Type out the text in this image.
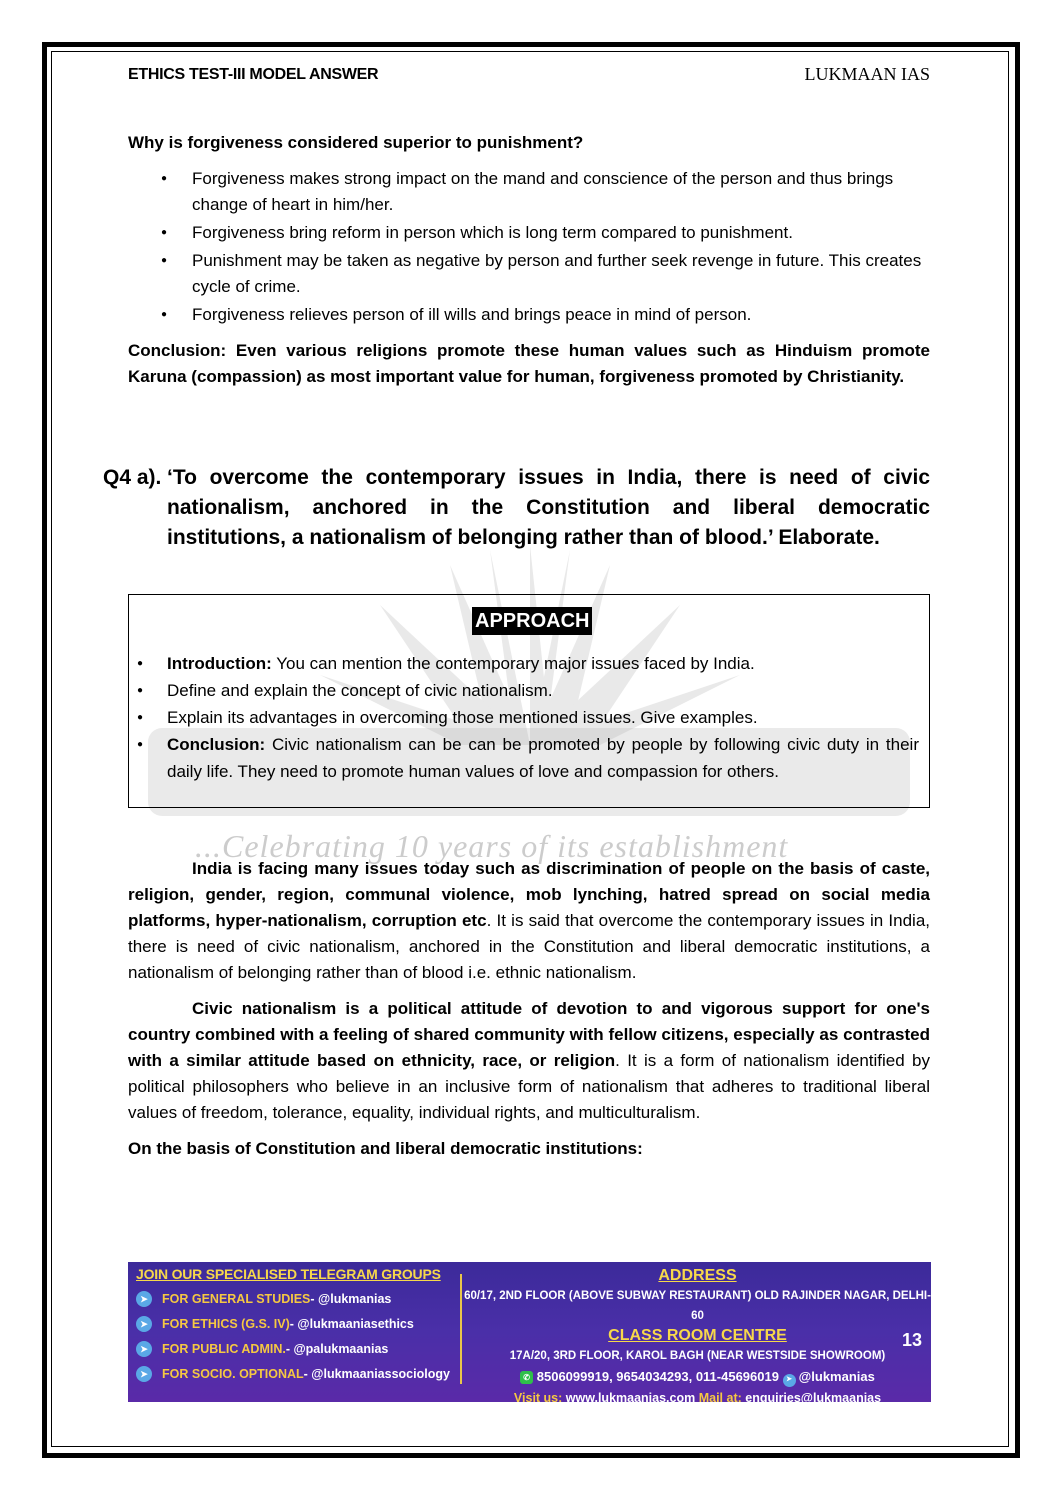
ETHICS TEST-III MODEL ANSWER	LUKMAAN IAS
...Celebrating 10 years of its establishment
Why is forgiveness considered superior to punishment?
● Forgiveness makes strong impact on the mand and conscience of the person and thus brings change of heart in him/her.
● Forgiveness bring reform in person which is long term compared to punishment.
● Punishment may be taken as negative by person and further seek revenge in future. This creates cycle of crime.
● Forgiveness relieves person of ill wills and brings peace in mind of person.
Conclusion: Even various religions promote these human values such as Hinduism promote Karuna (compassion) as most important value for human, forgiveness promoted by Christianity.
Q4 a). ‘To overcome the contemporary issues in India, there is need of civic nationalism, anchored in the Constitution and liberal democratic institutions, a nationalism of belonging rather than of blood.’ Elaborate.
APPROACH
● Introduction: You can mention the contemporary major issues faced by India.
● Define and explain the concept of civic nationalism.
● Explain its advantages in overcoming those mentioned issues. Give examples.
● Conclusion: Civic nationalism can be can be promoted by people by following civic duty in their daily life. They need to promote human values of love and compassion for others.

India is facing many issues today such as discrimination of people on the basis of caste, religion, gender, region, communal violence, mob lynching, hatred spread on social media platforms, hyper-nationalism, corruption etc. It is said that overcome the contemporary issues in India, there is need of civic nationalism, anchored in the Constitution and liberal democratic institutions, a nationalism of belonging rather than of blood i.e. ethnic nationalism.

Civic nationalism is a political attitude of devotion to and vigorous support for one's country combined with a feeling of shared community with fellow citizens, especially as contrasted with a similar attitude based on ethnicity, race, or religion. It is a form of nationalism identified by political philosophers who believe in an inclusive form of nationalism that adheres to traditional liberal values of freedom, tolerance, equality, individual rights, and multiculturalism.

On the basis of Constitution and liberal democratic institutions:
JOIN OUR SPECIALISED TELEGRAM GROUPS
➤	FOR GENERAL STUDIES - @lukmanias
➤	FOR ETHICS (G.S. IV) - @lukmaaniasethics
➤	FOR PUBLIC ADMIN. - @palukmaanias
➤	FOR SOCIO. OPTIONAL - @lukmaaniassociology
ADDRESS
60/17, 2ND FLOOR (ABOVE SUBWAY RESTAURANT) OLD RAJINDER NAGAR, DELHI-60
CLASS ROOM CENTRE
17A/20, 3RD FLOOR, KAROL BAGH (NEAR WESTSIDE SHOWROOM)
✆ 8506099919, 9654034293, 011-45696019 ➤ @lukmanias
Visit us: www.lukmaanias.com Mail at: enquiries@lukmaanias
13
